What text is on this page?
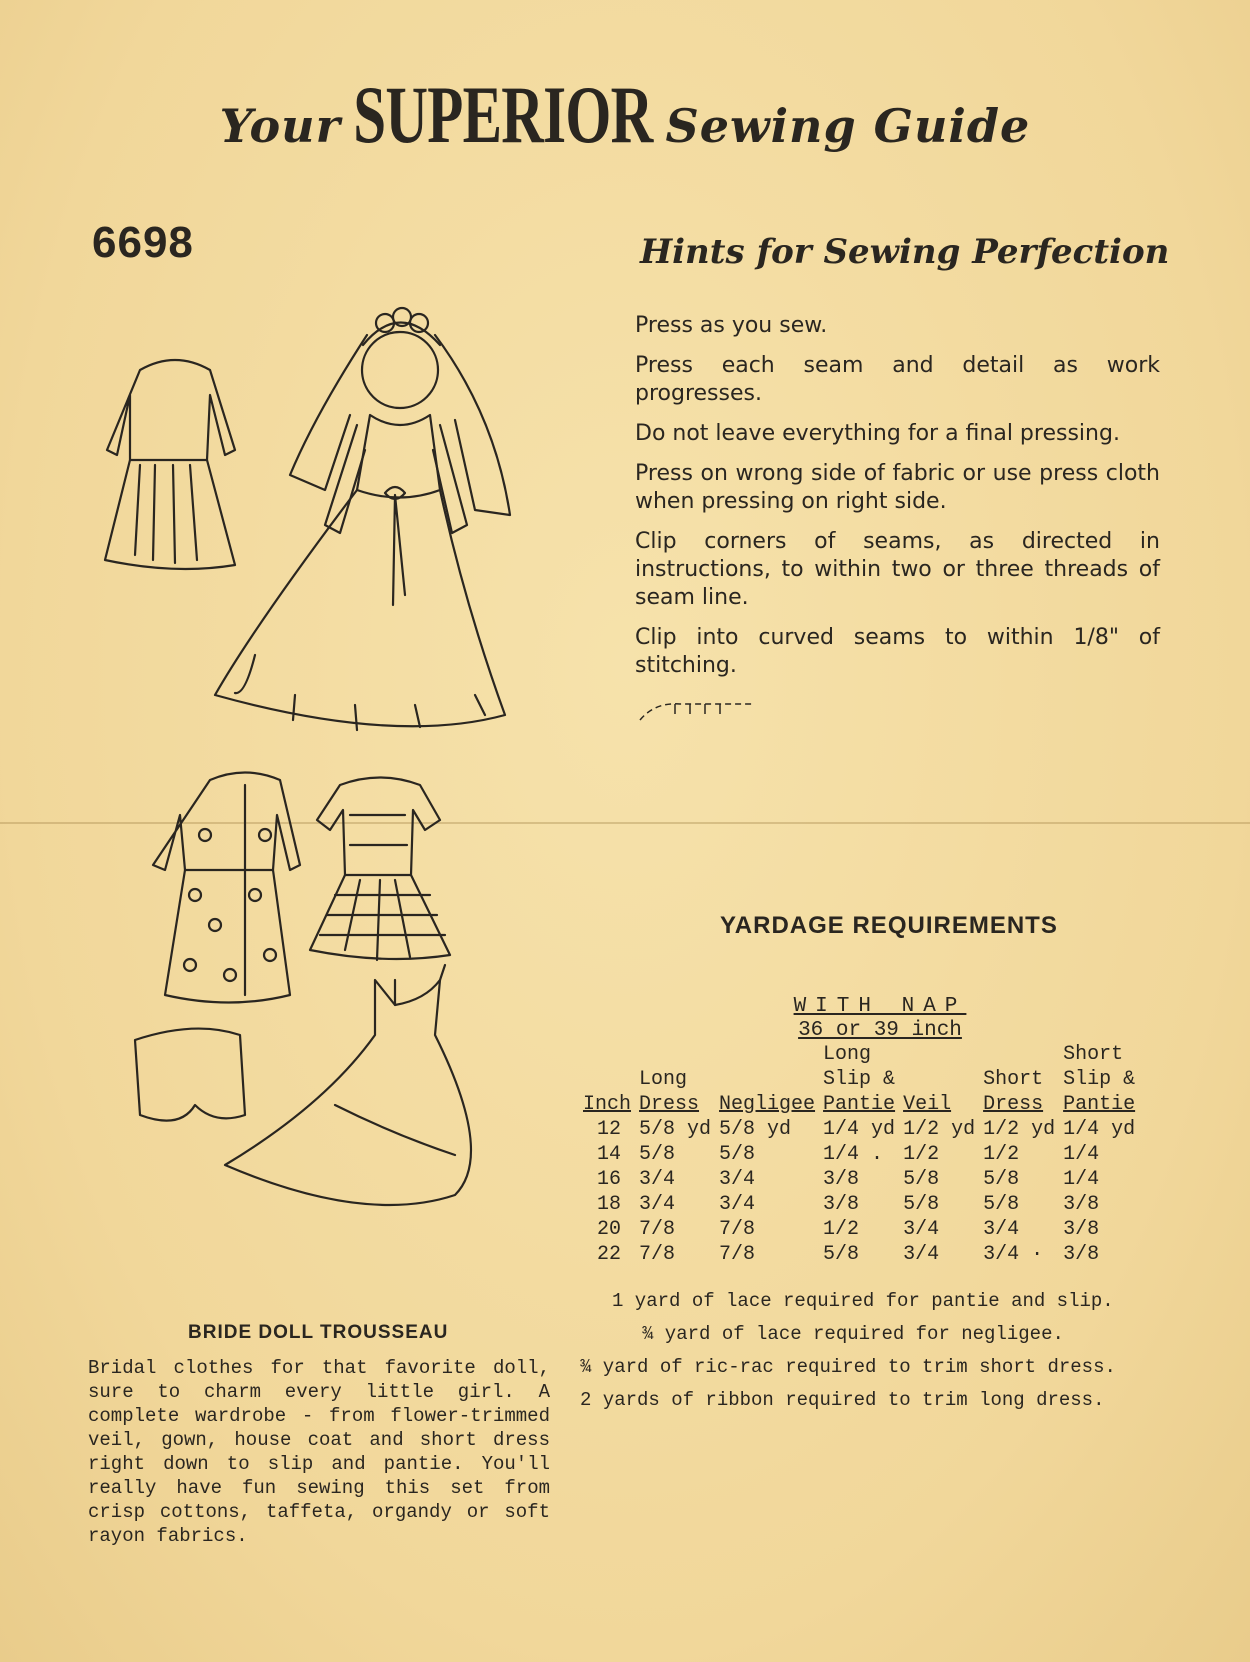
Your SUPERIOR Sewing Guide
6698	Hints for Sewing Perfection

Press as you sew.

Press each seam and detail as work progresses.

Do not leave everything for a final pressing.

Press on wrong side of fabric or use press cloth when pressing on right side.

Clip corners of seams, as directed in instructions, to within two or three threads of seam line.

Clip into curved seams to within 1/8" of stitching.

YARDAGE REQUIREMENTS
WITH NAP
36 or 39 inch
			Long			Short
	Long		Slip &		Short	Slip &
Inch	Dress	Negligee	Pantie	Veil	Dress	Pantie
12	5/8 yd	5/8 yd	1/4 yd	1/2 yd	1/2 yd	1/4 yd
14	5/8	5/8	1/4 .	1/2	1/2	1/4
16	3/4	3/4	3/8	5/8	5/8	1/4
18	3/4	3/4	3/8	5/8	5/8	3/8
20	7/8	7/8	1/2	3/4	3/4	3/8
22	7/8	7/8	5/8	3/4	3/4 ·	3/8
1 yard of lace required for pantie and slip.
¾ yard of lace required for negligee.
¾ yard of ric-rac required to trim short dress.
2 yards of ribbon required to trim long dress.
BRIDE DOLL TROUSSEAU
Bridal clothes for that favorite doll, sure to charm every little girl. A complete wardrobe - from flower-trimmed veil, gown, house coat and short dress right down to slip and pantie. You'll really have fun sewing this set from crisp cottons, taffeta, organdy or soft rayon fabrics.
